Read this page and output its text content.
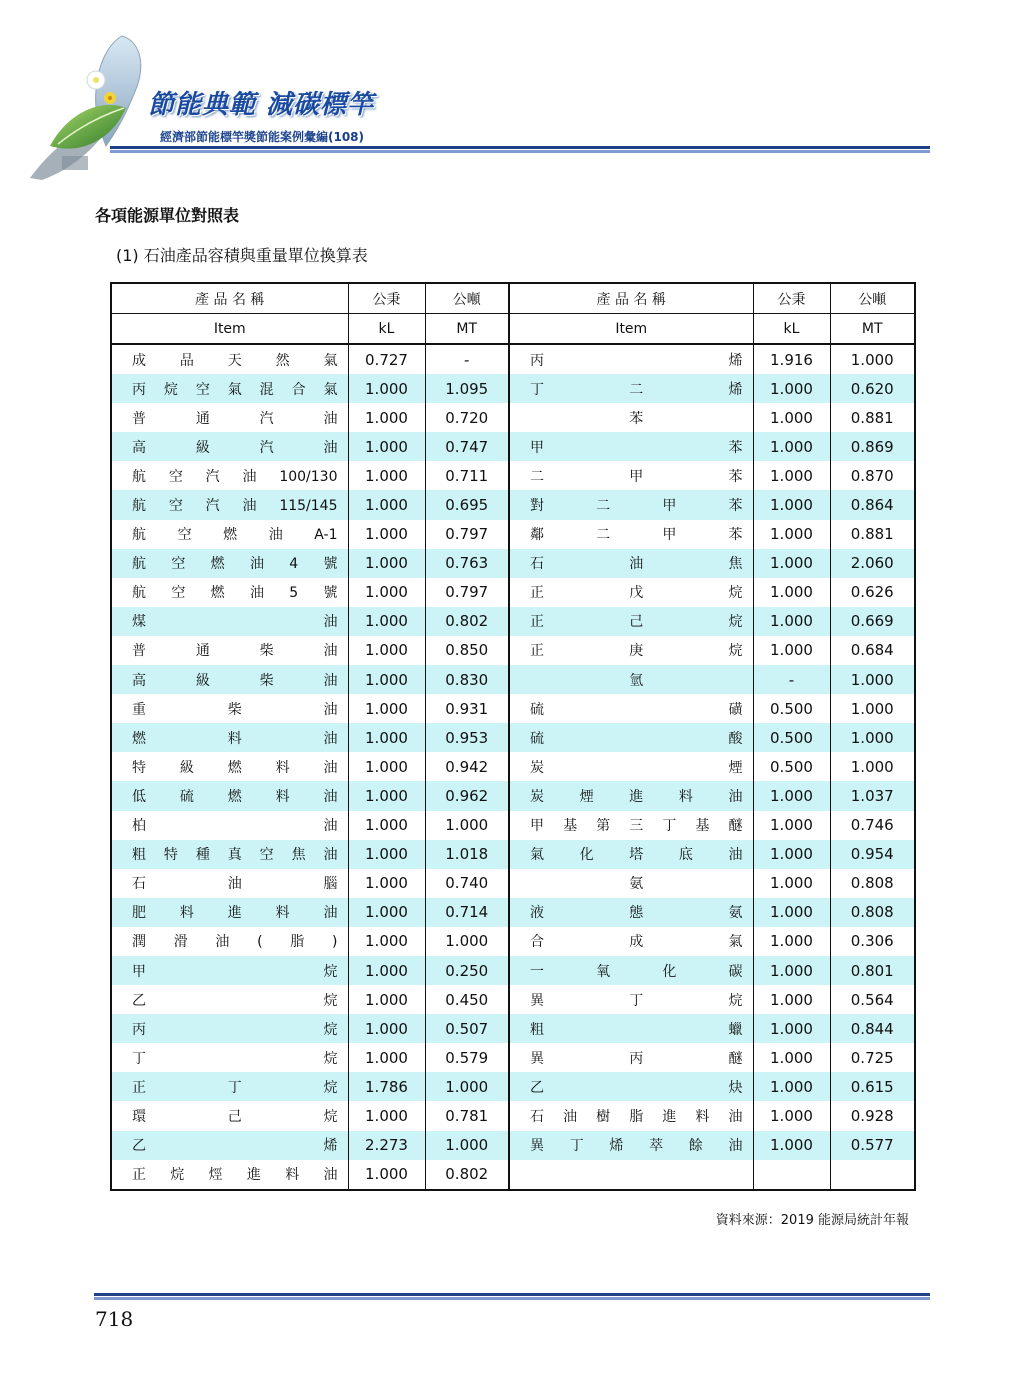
節能典範 減碳標竿
經濟部節能標竿獎節能案例彙編(108)
各項能源單位對照表
(1) 石油產品容積與重量單位換算表
產 品 名 稱	公秉	公噸	產 品 名 稱	公秉	公噸
Item	kL	MT	Item	kL	MT
成品天然氣	0.727	-	丙烯	1.916	1.000
丙烷空氣混合氣	1.000	1.095	丁二烯	1.000	0.620
普通汽油	1.000	0.720	苯	1.000	0.881
高級汽油	1.000	0.747	甲苯	1.000	0.869
航空汽油100/130	1.000	0.711	二甲苯	1.000	0.870
航空汽油115/145	1.000	0.695	對二甲苯	1.000	0.864
航空燃油A-1	1.000	0.797	鄰二甲苯	1.000	0.881
航空燃油4號	1.000	0.763	石油焦	1.000	2.060
航空燃油5號	1.000	0.797	正戊烷	1.000	0.626
煤油	1.000	0.802	正己烷	1.000	0.669
普通柴油	1.000	0.850	正庚烷	1.000	0.684
高級柴油	1.000	0.830	氫	-	1.000
重柴油	1.000	0.931	硫磺	0.500	1.000
燃料油	1.000	0.953	硫酸	0.500	1.000
特級燃料油	1.000	0.942	炭煙	0.500	1.000
低硫燃料油	1.000	0.962	炭煙進料油	1.000	1.037
柏油	1.000	1.000	甲基第三丁基醚	1.000	0.746
粗特種真空焦油	1.000	1.018	氣化塔底油	1.000	0.954
石油腦	1.000	0.740	氨	1.000	0.808
肥料進料油	1.000	0.714	液態氨	1.000	0.808
潤滑油(脂)	1.000	1.000	合成氣	1.000	0.306
甲烷	1.000	0.250	一氧化碳	1.000	0.801
乙烷	1.000	0.450	異丁烷	1.000	0.564
丙烷	1.000	0.507	粗蠟	1.000	0.844
丁烷	1.000	0.579	異丙醚	1.000	0.725
正丁烷	1.786	1.000	乙炔	1.000	0.615
環己烷	1.000	0.781	石油樹脂進料油	1.000	0.928
乙烯	2.273	1.000	異丁烯萃餘油	1.000	0.577
正烷烴進料油	1.000	0.802			
資料來源：2019 能源局統計年報
718
